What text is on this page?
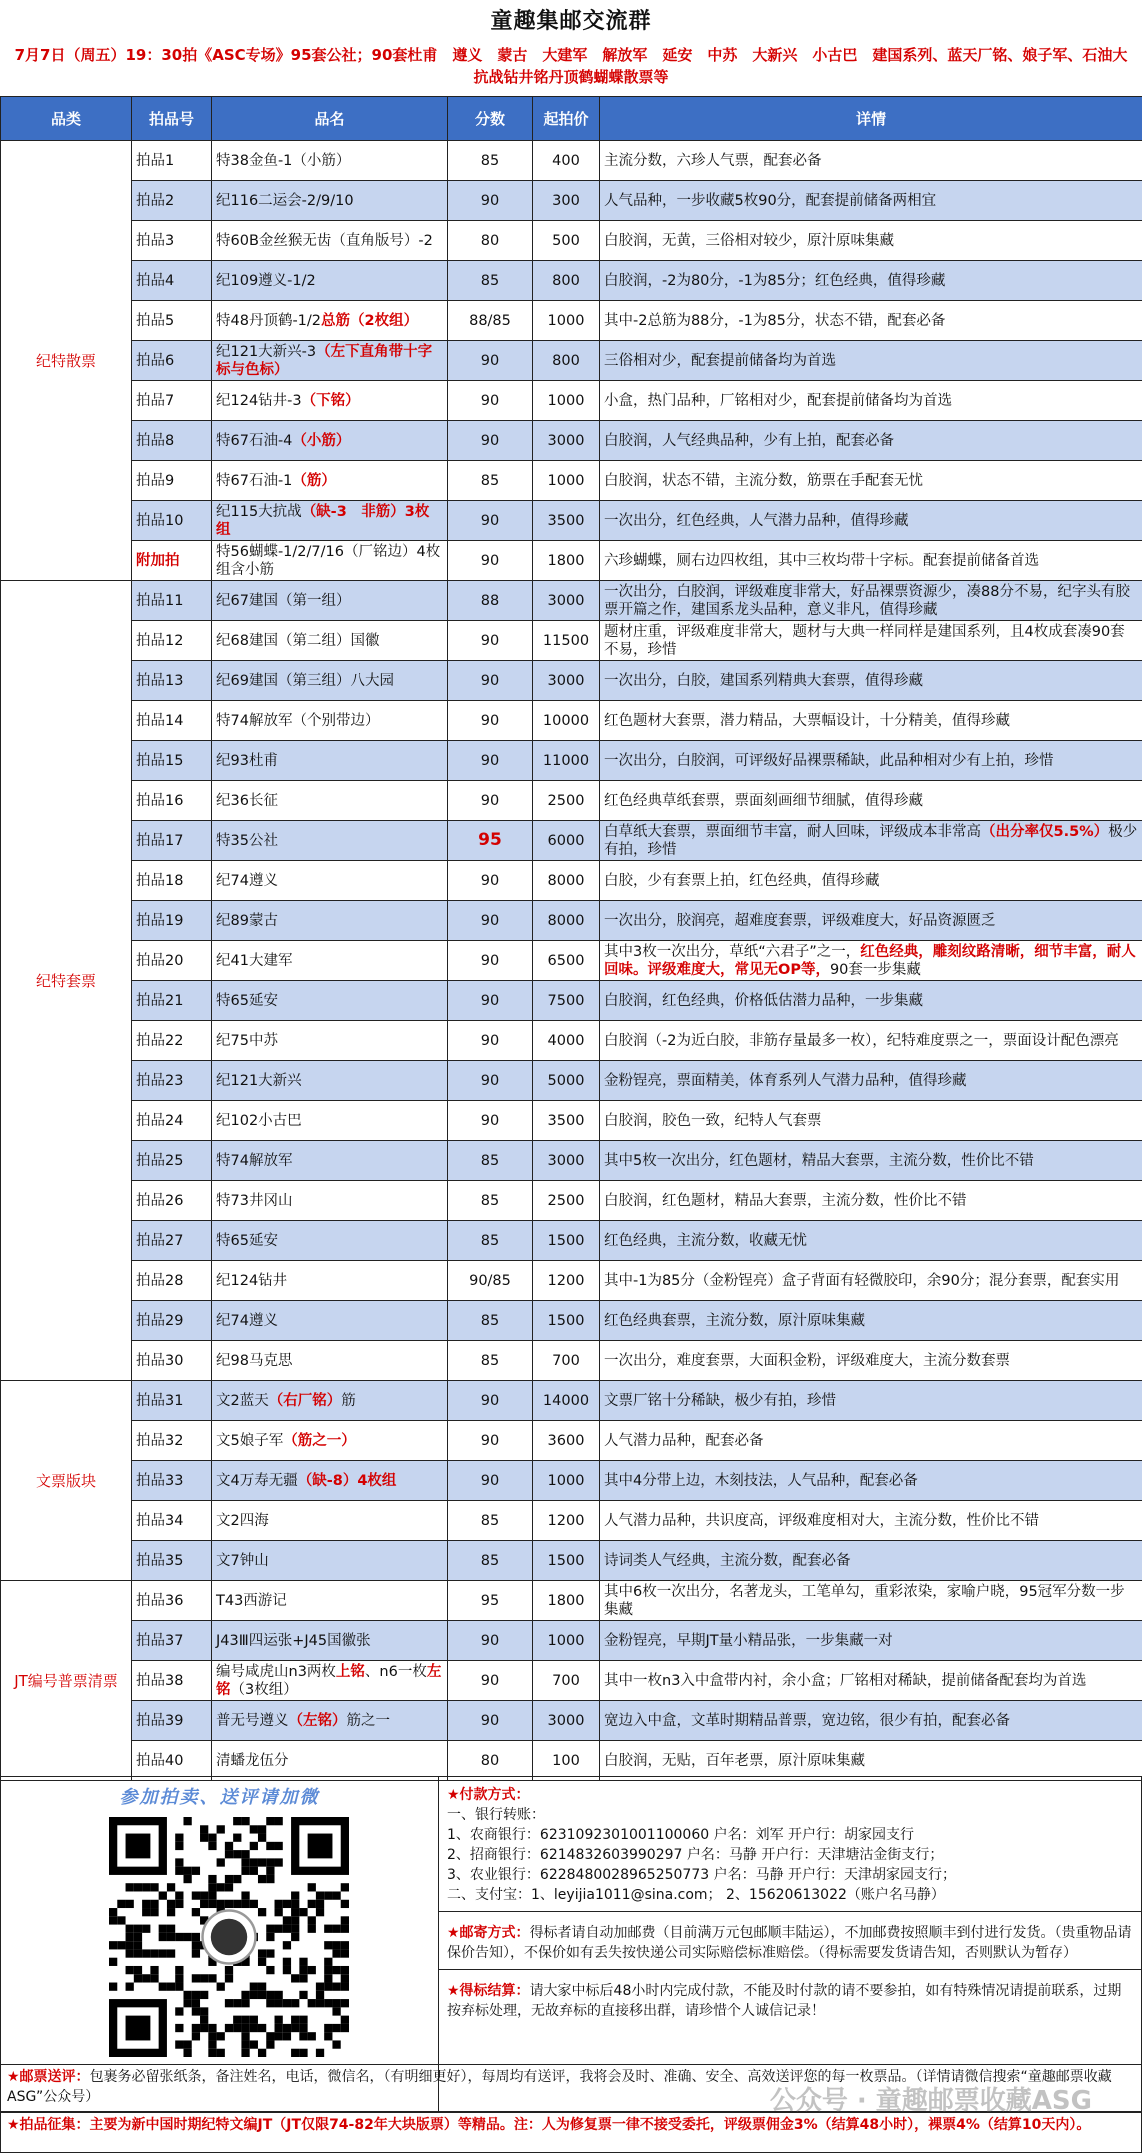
童趣集邮交流群
7月7日（周五）19：30拍《ASC专场》95套公社；90套杜甫　遵义　蒙古　大建军　解放军　延安　中苏　大新兴　小古巴　建国系列、蓝天厂铭、娘子军、石油大抗战钻井铭丹顶鹤蝴蝶散票等
品类	拍品号	品名	分数	起拍价	详情
纪特散票	拍品1	特38金鱼-1（小筋）	85	400	主流分数，六珍人气票，配套必备
	拍品2	纪116二运会-2/9/10	90	300	人气品种，一步收藏5枚90分，配套提前储备两相宜
	拍品3	特60B金丝猴无齿（直角版号）-2	80	500	白胶润，无黄，三俗相对较少，原汁原味集藏
	拍品4	纪109遵义-1/2	85	800	白胶润，-2为80分，-1为85分；红色经典，值得珍藏
	拍品5	特48丹顶鹤-1/2总筋（2枚组）	88/85	1000	其中-2总筋为88分，-1为85分，状态不错，配套必备
	拍品6	纪121大新兴-3（左下直角带十字标与色标）	90	800	三俗相对少，配套提前储备均为首选
	拍品7	纪124钻井-3（下铭）	90	1000	小盒，热门品种，厂铭相对少，配套提前储备均为首选
	拍品8	特67石油-4（小筋）	90	3000	白胶润，人气经典品种，少有上拍，配套必备
	拍品9	特67石油-1（筋）	85	1000	白胶润，状态不错，主流分数，筋票在手配套无忧
	拍品10	纪115大抗战（缺-3　非筋）3枚组	90	3500	一次出分，红色经典，人气潜力品种，值得珍藏
	附加拍	特56蝴蝶-1/2/7/16（厂铭边）4枚组含小筋	90	1800	六珍蝴蝶，厕右边四枚组，其中三枚均带十字标。配套提前储备首选
纪特套票	拍品11	纪67建国（第一组）	88	3000	一次出分，白胶润，评级难度非常大，好品裸票资源少，凑88分不易，纪字头有胶票开篇之作，建国系龙头品种，意义非凡，值得珍藏
	拍品12	纪68建国（第二组）国徽	90	11500	题材庄重，评级难度非常大，题材与大典一样同样是建国系列，且4枚成套凑90套不易，珍惜
	拍品13	纪69建国（第三组）八大园	90	3000	一次出分，白胶，建国系列精典大套票，值得珍藏
	拍品14	特74解放军（个别带边）	90	10000	红色题材大套票，潜力精品，大票幅设计，十分精美，值得珍藏
	拍品15	纪93杜甫	90	11000	一次出分，白胶润，可评级好品裸票稀缺，此品种相对少有上拍，珍惜
	拍品16	纪36长征	90	2500	红色经典草纸套票，票面刻画细节细腻，值得珍藏
	拍品17	特35公社	95	6000	白草纸大套票，票面细节丰富，耐人回味，评级成本非常高（出分率仅5.5%）极少有拍，珍惜
	拍品18	纪74遵义	90	8000	白胶，少有套票上拍，红色经典，值得珍藏
	拍品19	纪89蒙古	90	8000	一次出分，胶润亮，超难度套票，评级难度大，好品资源匮乏
	拍品20	纪41大建军	90	6500	其中3枚一次出分，草纸“六君子”之一，红色经典，雕刻纹路清晰，细节丰富，耐人回味。评级难度大，常见无OP等，90套一步集藏
	拍品21	特65延安	90	7500	白胶润，红色经典，价格低估潜力品种，一步集藏
	拍品22	纪75中苏	90	4000	白胶润（-2为近白胶，非筋存量最多一枚），纪特难度票之一，票面设计配色漂亮
	拍品23	纪121大新兴	90	5000	金粉锃亮，票面精美，体育系列人气潜力品种，值得珍藏
	拍品24	纪102小古巴	90	3500	白胶润，胶色一致，纪特人气套票
	拍品25	特74解放军	85	3000	其中5枚一次出分，红色题材，精品大套票，主流分数，性价比不错
	拍品26	特73井冈山	85	2500	白胶润，红色题材，精品大套票，主流分数，性价比不错
	拍品27	特65延安	85	1500	红色经典，主流分数，收藏无忧
	拍品28	纪124钻井	90/85	1200	其中-1为85分（金粉锃亮）盒子背面有轻微胶印，余90分；混分套票，配套实用
	拍品29	纪74遵义	85	1500	红色经典套票，主流分数，原汁原味集藏
	拍品30	纪98马克思	85	700	一次出分，难度套票，大面积金粉，评级难度大，主流分数套票
文票版块	拍品31	文2蓝天（右厂铭）筋	90	14000	文票厂铭十分稀缺，极少有拍，珍惜
	拍品32	文5娘子军（筋之一）	90	3600	人气潜力品种，配套必备
	拍品33	文4万寿无疆（缺-8）4枚组	90	1000	其中4分带上边，木刻技法，人气品种，配套必备
	拍品34	文2四海	85	1200	人气潜力品种，共识度高，评级难度相对大，主流分数，性价比不错
	拍品35	文7钟山	85	1500	诗词类人气经典，主流分数，配套必备
JT编号普票清票	拍品36	T43西游记	95	1800	其中6枚一次出分，名著龙头，工笔单勾，重彩浓染，家喻户晓，95冠军分数一步集藏
	拍品37	J43Ⅲ四运张+J45国徽张	90	1000	金粉锃亮，早期JT量小精品张，一步集藏一对
	拍品38	编号咸虎山n3两枚上铭、n6一枚左铭（3枚组）	90	700	其中一枚n3入中盒带内衬，余小盒；厂铭相对稀缺，提前储备配套均为首选
	拍品39	普无号遵义（左铭）筋之一	90	3000	宽边入中盒，文革时期精品普票，宽边铭，很少有拍，配套必备
	拍品40	清蟠龙伍分	80	100	白胶润，无贴，百年老票，原汁原味集藏
参加拍卖、送评请加微	★付款方式：
一、银行转账：
1、农商银行：6231092301001100060 户名：刘军 开户行：胡家园支行
2、招商银行：6214832603990297 户名：马静 开户行：天津塘沽金街支行；
3、农业银行：6228480028965250773 户名：马静 开户行：天津胡家园支行；
二、支付宝：1、leyijia1011@sina.com； 2、15620613022（账户名马静）
★邮寄方式：得标者请自动加邮费（目前满万元包邮顺丰陆运），不加邮费按照顺丰到付进行发货。（贵重物品请保价告知），不保价如有丢失按快递公司实际赔偿标准赔偿。（得标需要发货请告知，否则默认为暂存）
★得标结算：请大家中标后48小时内完成付款，不能及时付款的请不要参拍，如有特殊情况请提前联系，过期按弃标处理，无故弃标的直接移出群，请珍惜个人诚信记录！
★邮票送评：包裹务必留张纸条，备注姓名，电话，微信名，（有明细更好），每周均有送评，我将会及时、准确、安全、高效送评您的每一枚票品。（详情请微信搜索“童趣邮票收藏ASG”公众号）
★拍品征集：主要为新中国时期纪特文编JT（JT仅限74-82年大块版票）等精品。注：人为修复票一律不接受委托，评级票佣金3%（结算48小时），裸票4%（结算10天内）。
公众号 · 童趣邮票收藏ASG
